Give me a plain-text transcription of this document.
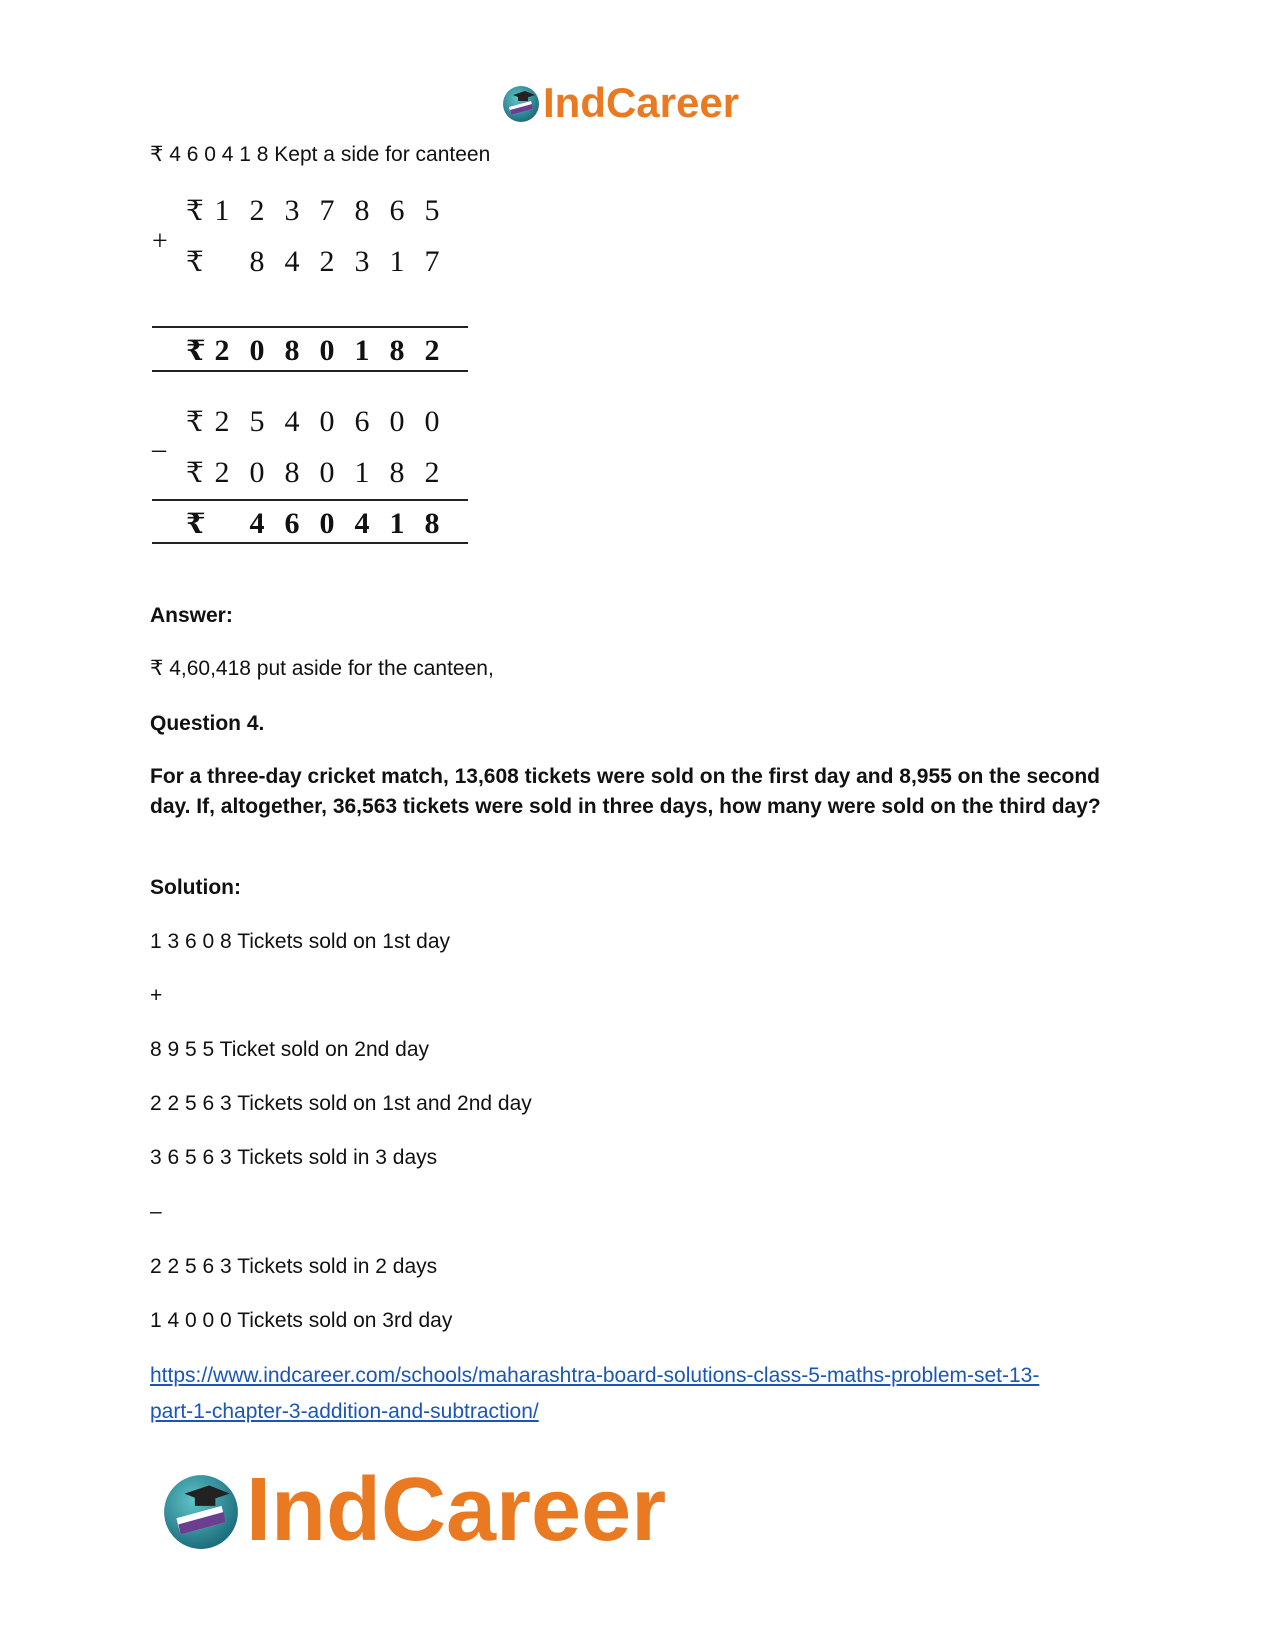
IndCareer
₹ 4 6 0 4 1 8 Kept a side for canteen
+
–
₹ 1 2 3 7 8 6 5
₹ 8 4 2 3 1 7
₹ 2 0 8 0 1 8 2
₹ 2 5 4 0 6 0 0
₹ 2 0 8 0 1 8 2
₹ 4 6 0 4 1 8
Answer:
₹ 4,60,418 put aside for the canteen,
Question 4.
For a three-day cricket match, 13,608 tickets were sold on the first day and 8,955 on the second day. If, altogether, 36,563 tickets were sold in three days, how many were sold on the third day?
Solution:
1 3 6 0 8 Tickets sold on 1st day
+
8 9 5 5 Ticket sold on 2nd day
2 2 5 6 3 Tickets sold on 1st and 2nd day
3 6 5 6 3 Tickets sold in 3 days
–
2 2 5 6 3 Tickets sold in 2 days
1 4 0 0 0 Tickets sold on 3rd day
https://www.indcareer.com/schools/maharashtra-board-solutions-class-5-maths-problem-set-13-
part-1-chapter-3-addition-and-subtraction/
IndCareer
